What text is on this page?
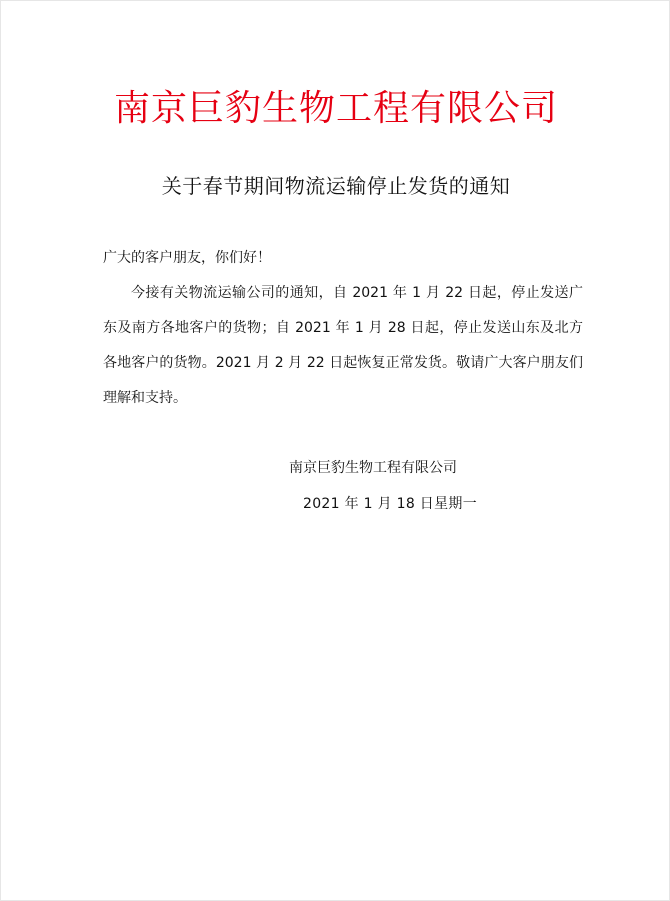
南京巨豹生物工程有限公司
关于春节期间物流运输停止发货的通知
广大的客户朋友，你们好！
今接有关物流运输公司的通知，自 2021 年 1 月 22 日起，停止发送广东及南方各地客户的货物；自 2021 年 1 月 28 日起，停止发送山东及北方各地客户的货物。2021 月 2 月 22 日起恢复正常发货。敬请广大客户朋友们理解和支持。
南京巨豹生物工程有限公司
2021 年 1 月 18 日星期一
